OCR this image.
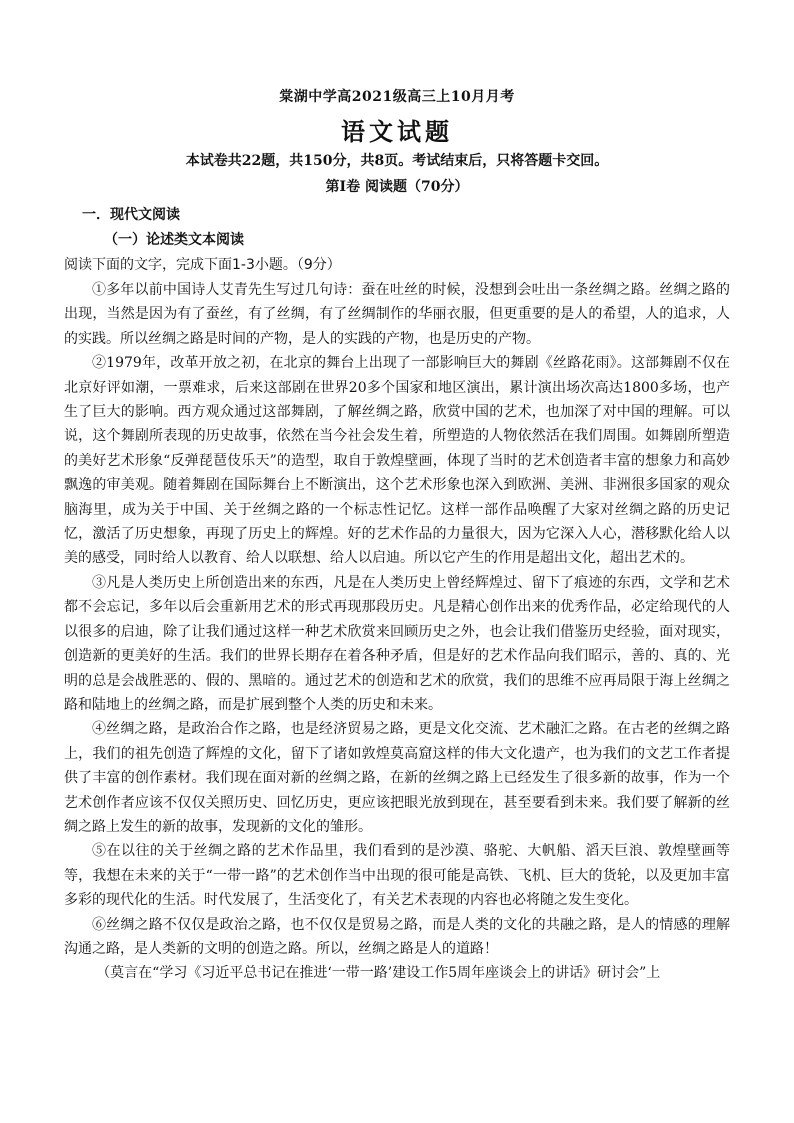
棠湖中学高2021级高三上10月月考
语文试题
本试卷共22题，共150分，共8页。考试结束后，只将答题卡交回。
第Ⅰ卷 阅读题（70分）
一．现代文阅读
（一）论述类文本阅读
阅读下面的文字，完成下面1-3小题。（9分）

①多年以前中国诗人艾青先生写过几句诗：蚕在吐丝的时候，没想到会吐出一条丝绸之路。丝绸之路的出现，当然是因为有了蚕丝，有了丝绸，有了丝绸制作的华丽衣服，但更重要的是人的希望，人的追求，人的实践。所以丝绸之路是时间的产物，是人的实践的产物，也是历史的产物。

②1979年，改革开放之初，在北京的舞台上出现了一部影响巨大的舞剧《丝路花雨》。这部舞剧不仅在北京好评如潮，一票难求，后来这部剧在世界20多个国家和地区演出，累计演出场次高达1800多场，也产生了巨大的影响。西方观众通过这部舞剧，了解丝绸之路，欣赏中国的艺术，也加深了对中国的理解。可以说，这个舞剧所表现的历史故事，依然在当今社会发生着，所塑造的人物依然活在我们周围。如舞剧所塑造的美好艺术形象“反弹琵琶伎乐天”的造型，取自于敦煌壁画，体现了当时的艺术创造者丰富的想象力和高妙飘逸的审美观。随着舞剧在国际舞台上不断演出，这个艺术形象也深入到欧洲、美洲、非洲很多国家的观众脑海里，成为关于中国、关于丝绸之路的一个标志性记忆。这样一部作品唤醒了大家对丝绸之路的历史记忆，激活了历史想象，再现了历史上的辉煌。好的艺术作品的力量很大，因为它深入人心，潜移默化给人以美的感受，同时给人以教育、给人以联想、给人以启迪。所以它产生的作用是超出文化，超出艺术的。

③凡是人类历史上所创造出来的东西，凡是在人类历史上曾经辉煌过、留下了痕迹的东西，文学和艺术都不会忘记，多年以后会重新用艺术的形式再现那段历史。凡是精心创作出来的优秀作品，必定给现代的人以很多的启迪，除了让我们通过这样一种艺术欣赏来回顾历史之外，也会让我们借鉴历史经验，面对现实，创造新的更美好的生活。我们的世界长期存在着各种矛盾，但是好的艺术作品向我们昭示，善的、真的、光明的总是会战胜恶的、假的、黑暗的。通过艺术的创造和艺术的欣赏，我们的思维不应再局限于海上丝绸之路和陆地上的丝绸之路，而是扩展到整个人类的历史和未来。

④丝绸之路，是政治合作之路，也是经济贸易之路，更是文化交流、艺术融汇之路。在古老的丝绸之路上，我们的祖先创造了辉煌的文化，留下了诸如敦煌莫高窟这样的伟大文化遗产，也为我们的文艺工作者提供了丰富的创作素材。我们现在面对新的丝绸之路，在新的丝绸之路上已经发生了很多新的故事，作为一个艺术创作者应该不仅仅关照历史、回忆历史，更应该把眼光放到现在，甚至要看到未来。我们要了解新的丝绸之路上发生的新的故事，发现新的文化的雏形。

⑤在以往的关于丝绸之路的艺术作品里，我们看到的是沙漠、骆驼、大帆船、滔天巨浪、敦煌壁画等等，我想在未来的关于“一带一路”的艺术创作当中出现的很可能是高铁、飞机、巨大的货轮，以及更加丰富多彩的现代化的生活。时代发展了，生活变化了，有关艺术表现的内容也必将随之发生变化。

⑥丝绸之路不仅仅是政治之路，也不仅仅是贸易之路，而是人类的文化的共融之路，是人的情感的理解沟通之路，是人类新的文明的创造之路。所以，丝绸之路是人的道路！

（莫言在“学习《习近平总书记在推进‘一带一路’建设工作5周年座谈会上的讲话》研讨会”上
